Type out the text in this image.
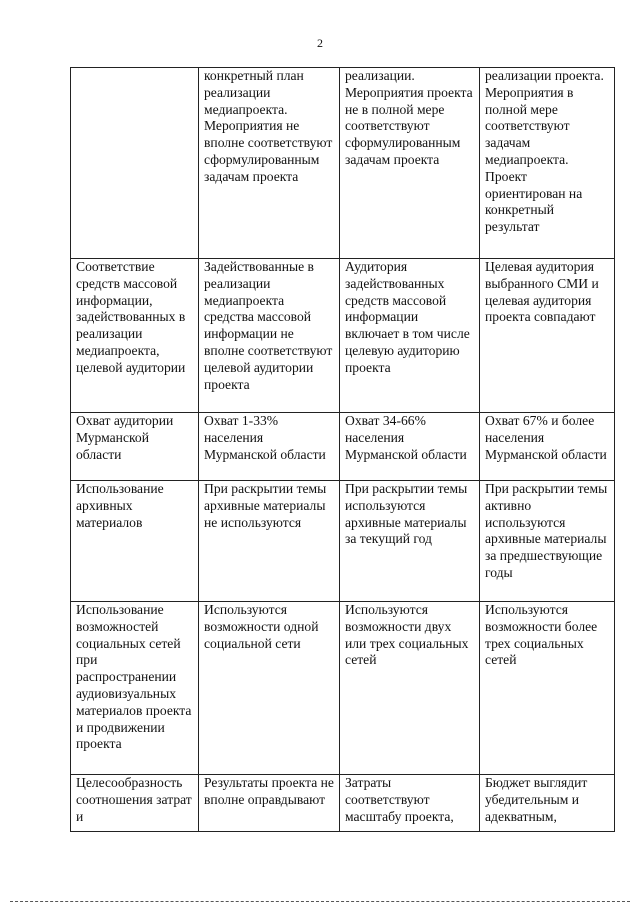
2
	конкретный план реализации медиапроекта. Мероприятия не вполне соответствуют сформулированным задачам проекта	реализации. Мероприятия проекта не в полной мере соответствуют сформулированным задачам проекта	реализации проекта. Мероприятия в полной мере соответствуют задачам медиапроекта. Проект ориентирован на конкретный результат
Соответствие средств массовой информации, задействованных в реализации медиапроекта, целевой аудитории	Задействованные в реализации медиапроекта средства массовой информации не вполне соответствуют целевой аудитории проекта	Аудитория задействованных средств массовой информации включает в том числе целевую аудиторию проекта	Целевая аудитория выбранного СМИ и целевая аудитория проекта совпадают
Охват аудитории Мурманской области	Охват 1-33% населения Мурманской области	Охват 34-66% населения Мурманской области	Охват 67% и более населения Мурманской области
Использование архивных материалов	При раскрытии темы архивные материалы не используются	При раскрытии темы используются архивные материалы за текущий год	При раскрытии темы активно используются архивные материалы за предшествующие годы
Использование возможностей социальных сетей при распространении аудиовизуальных материалов проекта и продвижении проекта	Используются возможности одной социальной сети	Используются возможности двух или трех социальных сетей	Используются возможности более трех социальных сетей
Целесообразность соотношения затрат и	Результаты проекта не вполне оправдывают	Затраты соответствуют масштабу проекта,	Бюджет выглядит убедительным и адекватным,
